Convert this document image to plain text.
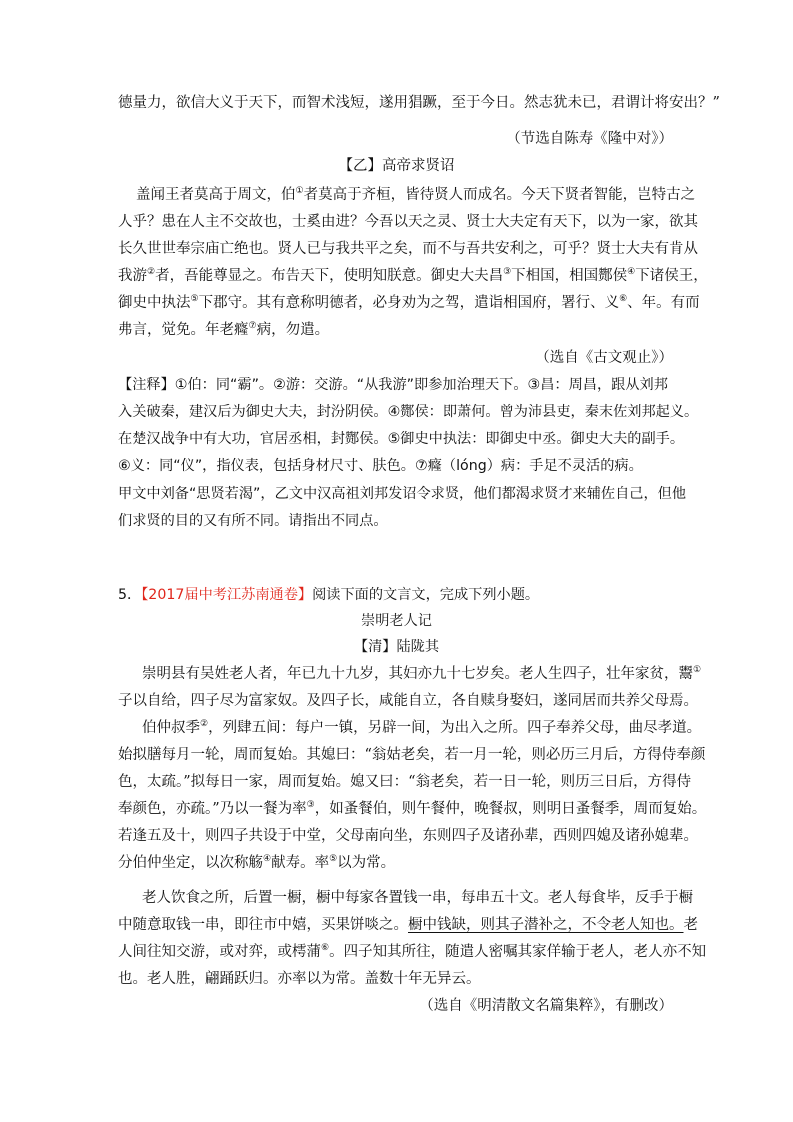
德量力，欲信大义于天下，而智术浅短，遂用猖蹶，至于今日。然志犹未已，君谓计将安出？”
（节选自陈寿《隆中对》）
【乙】高帝求贤诏
盖闻王者莫高于周文，伯①者莫高于齐桓，皆待贤人而成名。今天下贤者智能，岂特古之
人乎？患在人主不交故也，士奚由进？今吾以天之灵、贤士大夫定有天下，以为一家，欲其
长久世世奉宗庙亡绝也。贤人已与我共平之矣，而不与吾共安利之，可乎？贤士大夫有肯从
我游②者，吾能尊显之。布告天下，使明知朕意。御史大夫昌③下相国，相国酂侯④下诸侯王，
御史中执法⑤下郡守。其有意称明德者，必身劝为之驾，遣诣相国府，署行、义⑥、年。有而
弗言，觉免。年老癃⑦病，勿遣。
（选自《古文观止》）
【注释】①伯：同“霸”。②游：交游。“从我游”即参加治理天下。③昌：周昌，跟从刘邦
入关破秦，建汉后为御史大夫，封汾阴侯。④酂侯：即萧何。曾为沛县吏，秦末佐刘邦起义。
在楚汉战争中有大功，官居丞相，封酂侯。⑤御史中执法：即御史中丞。御史大夫的副手。
⑥义：同“仪”，指仪表，包括身材尺寸、肤色。⑦癃（lóng）病：手足不灵活的病。
甲文中刘备“思贤若渴”，乙文中汉高祖刘邦发诏令求贤，他们都渴求贤才来辅佐自己，但他
们求贤的目的又有所不同。请指出不同点。
5．【2017届中考江苏南通卷】阅读下面的文言文，完成下列小题。
崇明老人记
【清】陆陇其
崇明县有吴姓老人者，年已九十九岁，其妇亦九十七岁矣。老人生四子，壮年家贫，鬻①
子以自给，四子尽为富家奴。及四子长，咸能自立，各自赎身娶妇，遂同居而共养父母焉。
伯仲叔季②，列肆五间：每户一镇，另辟一间，为出入之所。四子奉养父母，曲尽孝道。
始拟膳每月一轮，周而复始。其媳曰：“翁姑老矣，若一月一轮，则必历三月后，方得侍奉颜
色，太疏。”拟每日一家，周而复始。媳又曰：“翁老矣，若一日一轮，则历三日后，方得侍
奉颜色，亦疏。”乃以一餐为率③，如蚤餐伯，则午餐仲，晚餐叔，则明日蚤餐季，周而复始。
若逢五及十，则四子共设于中堂，父母南向坐，东则四子及诸孙辈，西则四媳及诸孙媳辈。
分伯仲坐定，以次称觞④献寿。率⑤以为常。
老人饮食之所，后置一橱，橱中每家各置钱一串，每串五十文。老人每食毕，反手于橱
中随意取钱一串，即往市中嬉，买果饼啖之。橱中钱缺，则其子潜补之，不令老人知也。老
人间往知交游，或对弈，或樗蒲⑥。四子知其所往，随遣人密嘱其家佯输于老人，老人亦不知
也。老人胜，翩踊跃归。亦率以为常。盖数十年无异云。
（选自《明清散文名篇集粹》，有删改）
